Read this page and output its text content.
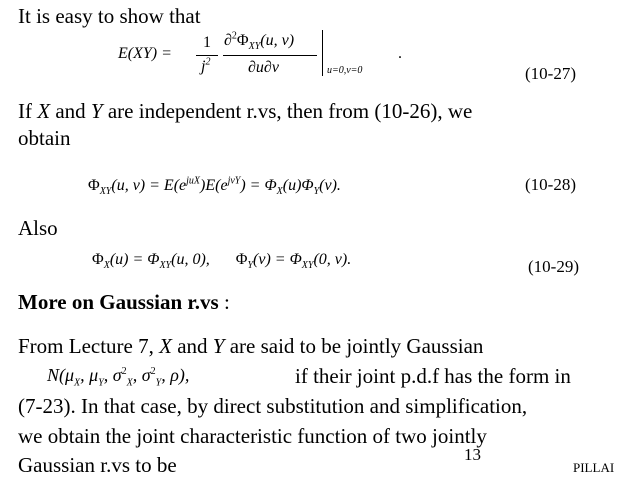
It is easy to show that
E(XY) =
1
$j^2$
$\partial^2\Phi_{XY}(u$, v)
∂u∂v	u=0,v=0
.
(10-27)
If X and Y are independent r.vs, then from (10-26), we
obtain
$\Phi_{XY}(u$, $v) = E(e^{juX})E(e^{jvY}) = \Phi_X(u)\Phi_Y(v)$.	(10-28)
Also
$\Phi_X(u) = \Phi_{XY}(u$, 0), $\Phi_Y(v) = \Phi_{XY}(0$, v).	(10-29)
More on Gaussian r.vs :
From Lecture 7, X and Y are said to be jointly Gaussian
$N(\mu_X$, $\mu_Y$, $\sigma^2_X$, $\sigma^2_Y$, ρ),	if their joint p.d.f has the form in
(7-23). In that case, by direct substitution and simplification,
we obtain the joint characteristic function of two jointly
Gaussian r.vs to be	13
PILLAI
